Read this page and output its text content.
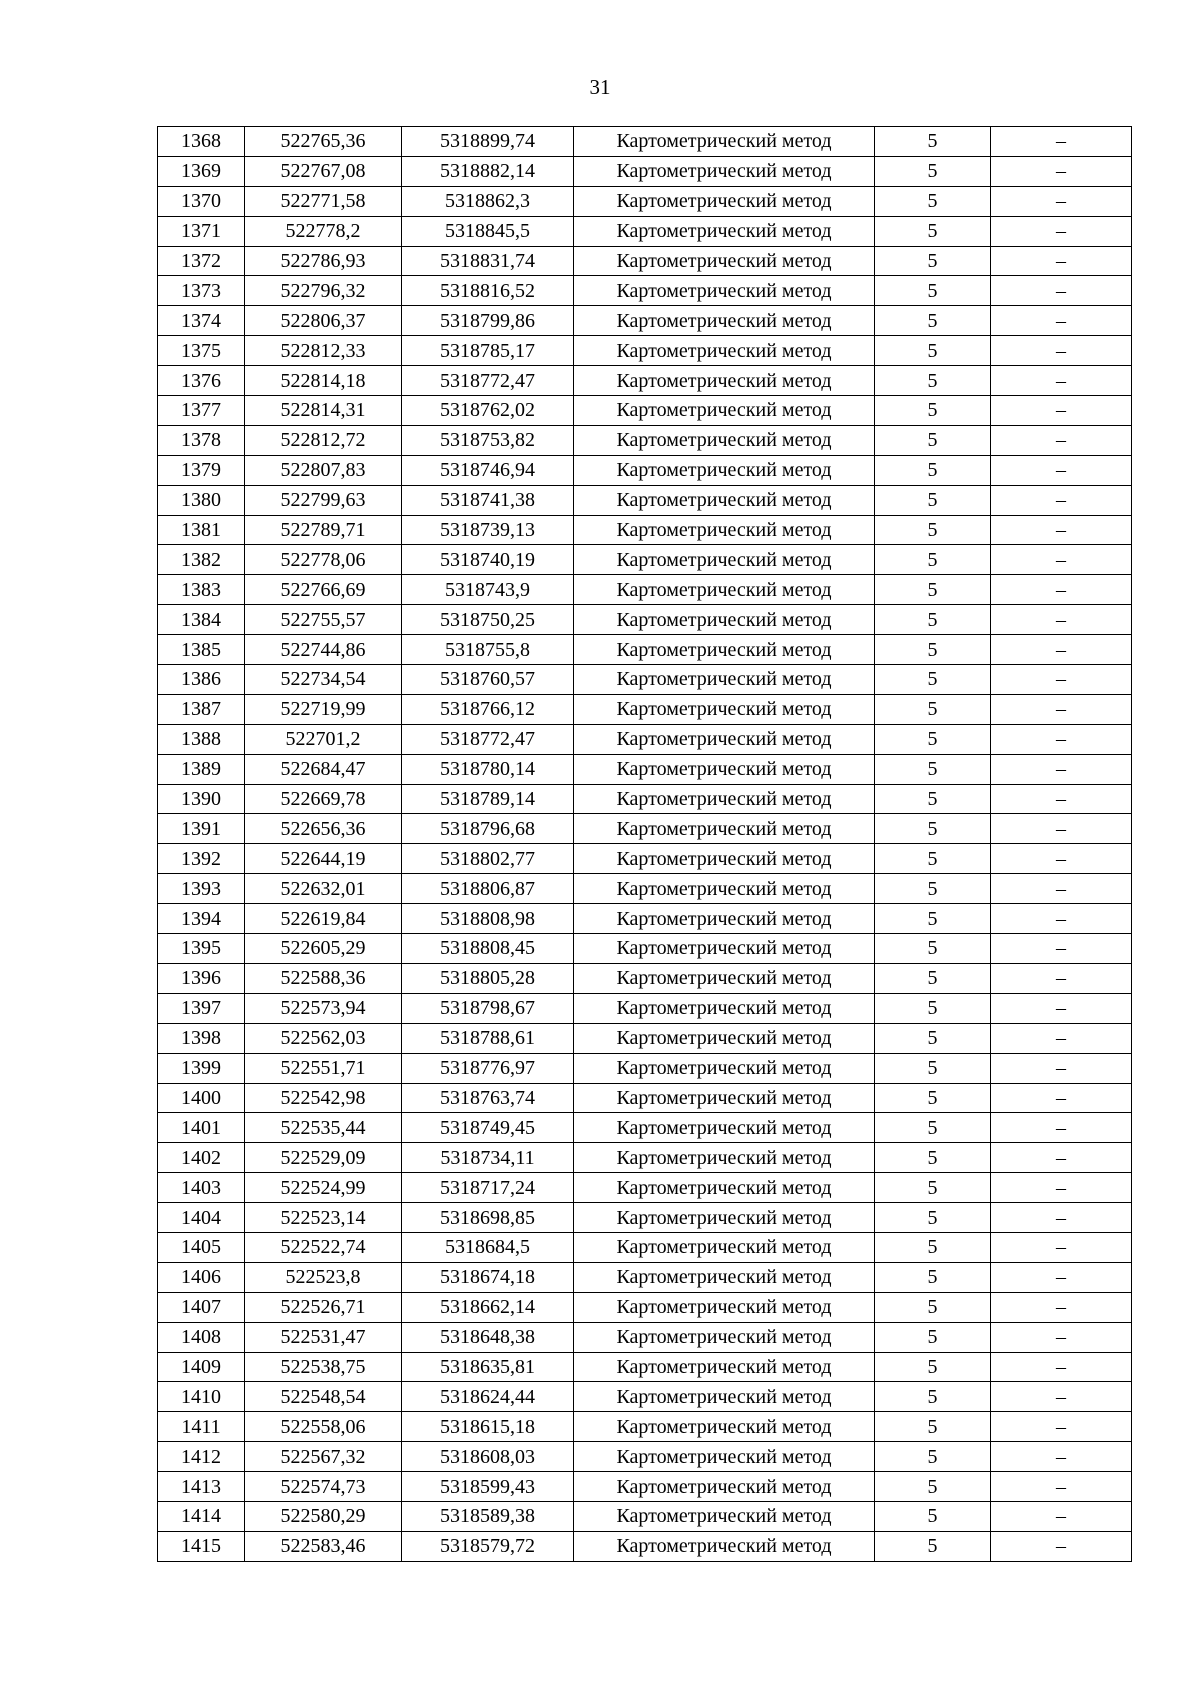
31
1368	522765,36	5318899,74	Картометрический метод	5	–
1369	522767,08	5318882,14	Картометрический метод	5	–
1370	522771,58	5318862,3	Картометрический метод	5	–
1371	522778,2	5318845,5	Картометрический метод	5	–
1372	522786,93	5318831,74	Картометрический метод	5	–
1373	522796,32	5318816,52	Картометрический метод	5	–
1374	522806,37	5318799,86	Картометрический метод	5	–
1375	522812,33	5318785,17	Картометрический метод	5	–
1376	522814,18	5318772,47	Картометрический метод	5	–
1377	522814,31	5318762,02	Картометрический метод	5	–
1378	522812,72	5318753,82	Картометрический метод	5	–
1379	522807,83	5318746,94	Картометрический метод	5	–
1380	522799,63	5318741,38	Картометрический метод	5	–
1381	522789,71	5318739,13	Картометрический метод	5	–
1382	522778,06	5318740,19	Картометрический метод	5	–
1383	522766,69	5318743,9	Картометрический метод	5	–
1384	522755,57	5318750,25	Картометрический метод	5	–
1385	522744,86	5318755,8	Картометрический метод	5	–
1386	522734,54	5318760,57	Картометрический метод	5	–
1387	522719,99	5318766,12	Картометрический метод	5	–
1388	522701,2	5318772,47	Картометрический метод	5	–
1389	522684,47	5318780,14	Картометрический метод	5	–
1390	522669,78	5318789,14	Картометрический метод	5	–
1391	522656,36	5318796,68	Картометрический метод	5	–
1392	522644,19	5318802,77	Картометрический метод	5	–
1393	522632,01	5318806,87	Картометрический метод	5	–
1394	522619,84	5318808,98	Картометрический метод	5	–
1395	522605,29	5318808,45	Картометрический метод	5	–
1396	522588,36	5318805,28	Картометрический метод	5	–
1397	522573,94	5318798,67	Картометрический метод	5	–
1398	522562,03	5318788,61	Картометрический метод	5	–
1399	522551,71	5318776,97	Картометрический метод	5	–
1400	522542,98	5318763,74	Картометрический метод	5	–
1401	522535,44	5318749,45	Картометрический метод	5	–
1402	522529,09	5318734,11	Картометрический метод	5	–
1403	522524,99	5318717,24	Картометрический метод	5	–
1404	522523,14	5318698,85	Картометрический метод	5	–
1405	522522,74	5318684,5	Картометрический метод	5	–
1406	522523,8	5318674,18	Картометрический метод	5	–
1407	522526,71	5318662,14	Картометрический метод	5	–
1408	522531,47	5318648,38	Картометрический метод	5	–
1409	522538,75	5318635,81	Картометрический метод	5	–
1410	522548,54	5318624,44	Картометрический метод	5	–
1411	522558,06	5318615,18	Картометрический метод	5	–
1412	522567,32	5318608,03	Картометрический метод	5	–
1413	522574,73	5318599,43	Картометрический метод	5	–
1414	522580,29	5318589,38	Картометрический метод	5	–
1415	522583,46	5318579,72	Картометрический метод	5	–
